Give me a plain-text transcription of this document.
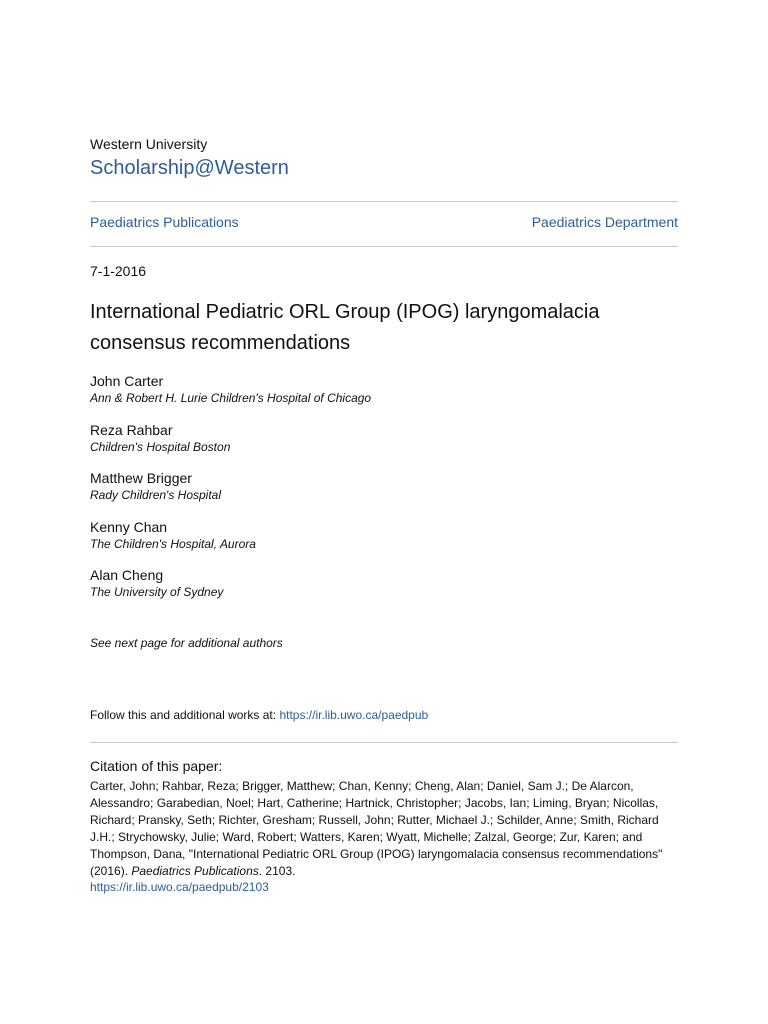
Western University
Scholarship@Western
Paediatrics Publications	Paediatrics Department
7-1-2016
International Pediatric ORL Group (IPOG) laryngomalacia consensus recommendations
John Carter
Ann & Robert H. Lurie Children's Hospital of Chicago
Reza Rahbar
Children's Hospital Boston
Matthew Brigger
Rady Children's Hospital
Kenny Chan
The Children's Hospital, Aurora
Alan Cheng
The University of Sydney
See next page for additional authors
Follow this and additional works at: https://ir.lib.uwo.ca/paedpub
Citation of this paper:
Carter, John; Rahbar, Reza; Brigger, Matthew; Chan, Kenny; Cheng, Alan; Daniel, Sam J.; De Alarcon, Alessandro; Garabedian, Noel; Hart, Catherine; Hartnick, Christopher; Jacobs, Ian; Liming, Bryan; Nicollas, Richard; Pransky, Seth; Richter, Gresham; Russell, John; Rutter, Michael J.; Schilder, Anne; Smith, Richard J.H.; Strychowsky, Julie; Ward, Robert; Watters, Karen; Wyatt, Michelle; Zalzal, George; Zur, Karen; and Thompson, Dana, "International Pediatric ORL Group (IPOG) laryngomalacia consensus recommendations" (2016). Paediatrics Publications. 2103.
https://ir.lib.uwo.ca/paedpub/2103
